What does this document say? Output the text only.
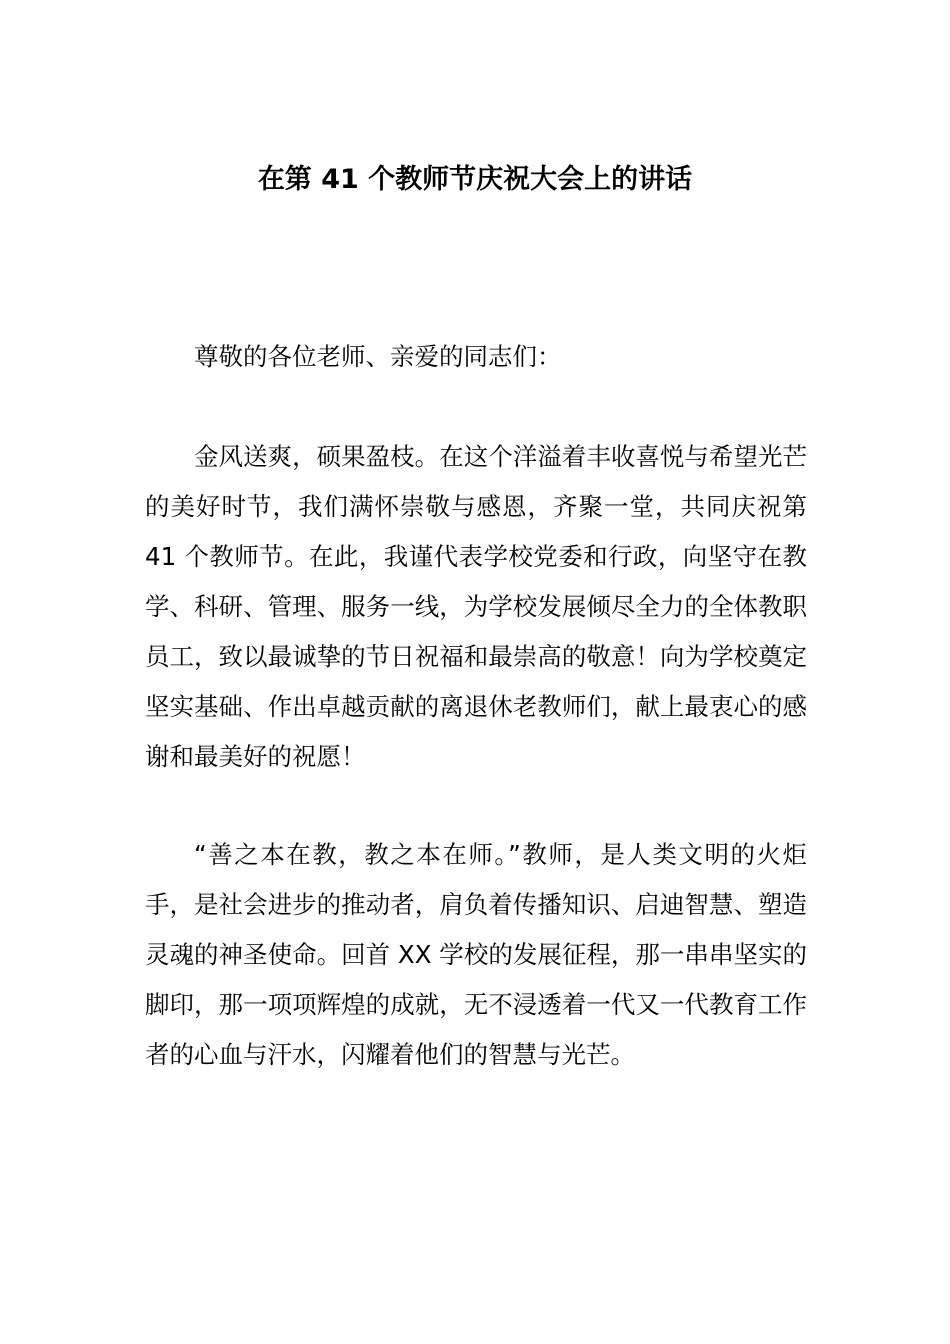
在第 41 个教师节庆祝大会上的讲话

尊敬的各位老师、亲爱的同志们：

金风送爽，硕果盈枝。在这个洋溢着丰收喜悦与希望光芒的美好时节，我们满怀崇敬与感恩，齐聚一堂，共同庆祝第 41 个教师节。在此，我谨代表学校党委和行政，向坚守在教学、科研、管理、服务一线，为学校发展倾尽全力的全体教职员工，致以最诚挚的节日祝福和最崇高的敬意！向为学校奠定坚实基础、作出卓越贡献的离退休老教师们，献上最衷心的感谢和最美好的祝愿！

“善之本在教，教之本在师。”教师，是人类文明的火炬手，是社会进步的推动者，肩负着传播知识、启迪智慧、塑造灵魂的神圣使命。回首 XX 学校的发展征程，那一串串坚实的脚印，那一项项辉煌的成就，无不浸透着一代又一代教育工作者的心血与汗水，闪耀着他们的智慧与光芒。
